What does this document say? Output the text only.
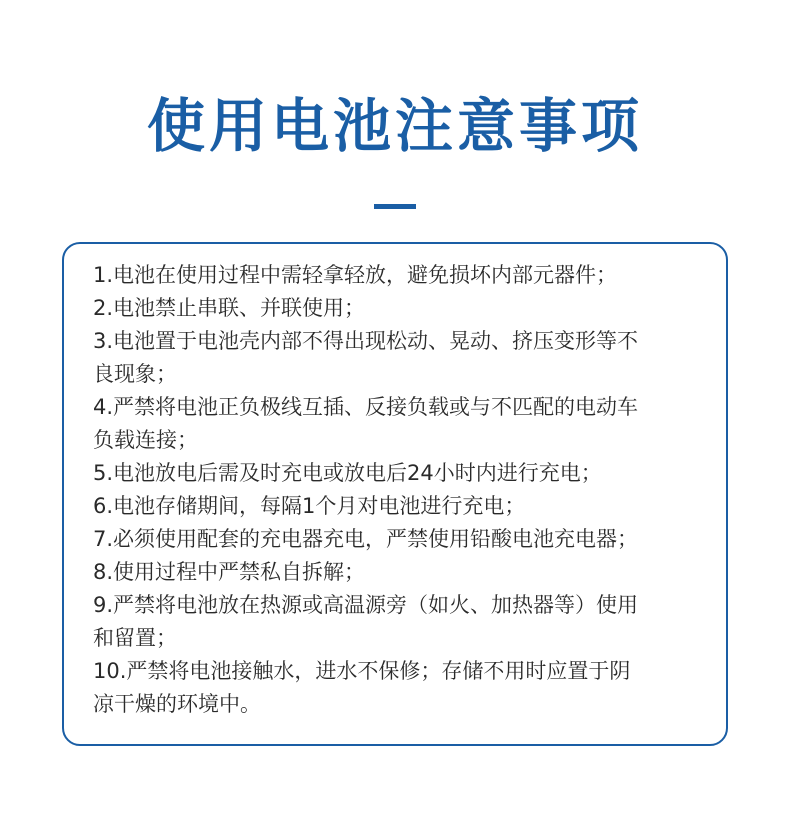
使用电池注意事项
1.电池在使用过程中需轻拿轻放，避免损坏内部元器件；
2.电池禁止串联、并联使用；
3.电池置于电池壳内部不得出现松动、晃动、挤压变形等不
良现象；
4.严禁将电池正负极线互插、反接负载或与不匹配的电动车
负载连接；
5.电池放电后需及时充电或放电后24小时内进行充电；
6.电池存储期间，每隔1个月对电池进行充电；
7.必须使用配套的充电器充电，严禁使用铅酸电池充电器；
8.使用过程中严禁私自拆解；
9.严禁将电池放在热源或高温源旁（如火、加热器等）使用
和留置；
10.严禁将电池接触水，进水不保修；存储不用时应置于阴
凉干燥的环境中。
